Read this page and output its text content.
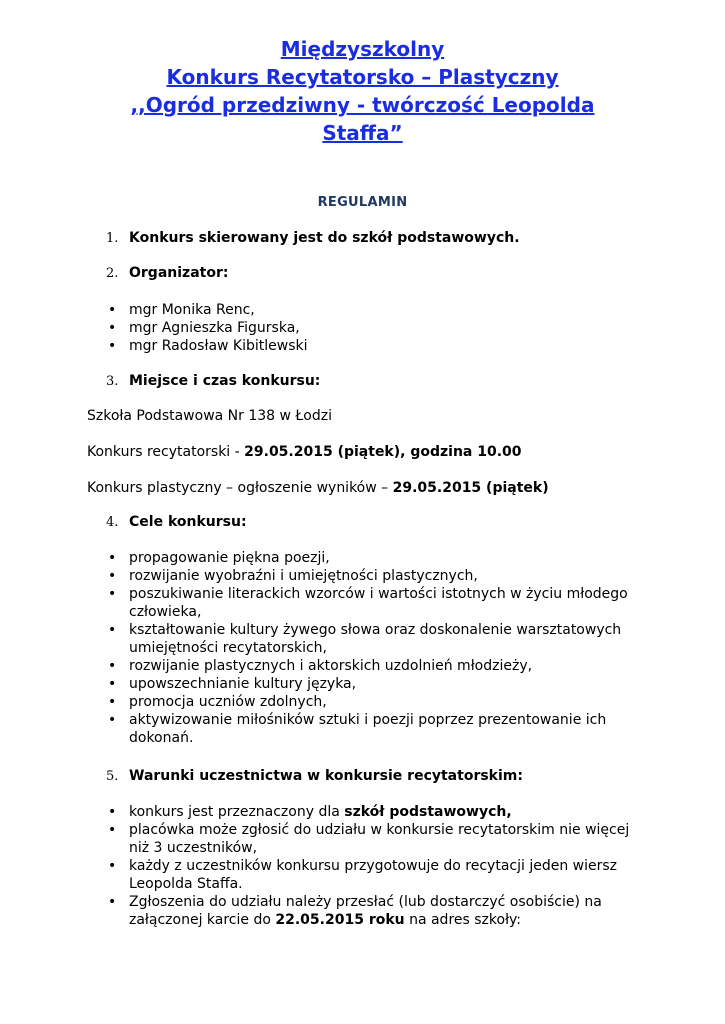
Międzyszkolny
Konkurs Recytatorsko – Plastyczny
,,Ogród przedziwny - twórczość Leopolda
Staffa”
REGULAMIN
1. Konkurs skierowany jest do szkół podstawowych.
2. Organizator:
• mgr Monika Renc,
• mgr Agnieszka Figurska,
• mgr Radosław Kibitlewski
3. Miejsce i czas konkursu:
Szkoła Podstawowa Nr 138 w Łodzi
Konkurs recytatorski - 29.05.2015 (piątek), godzina 10.00
Konkurs plastyczny – ogłoszenie wyników – 29.05.2015 (piątek)
4. Cele konkursu:
• propagowanie piękna poezji,
• rozwijanie wyobraźni i umiejętności plastycznych,
• poszukiwanie literackich wzorców i wartości istotnych w życiu młodego człowieka,
• kształtowanie kultury żywego słowa oraz doskonalenie warsztatowych umiejętności recytatorskich,
• rozwijanie plastycznych i aktorskich uzdolnień młodzieży,
• upowszechnianie kultury języka,
• promocja uczniów zdolnych,
• aktywizowanie miłośników sztuki i poezji poprzez prezentowanie ich dokonań.
5. Warunki uczestnictwa w konkursie recytatorskim:
• konkurs jest przeznaczony dla szkół podstawowych,
• placówka może zgłosić do udziału w konkursie recytatorskim nie więcej niż 3 uczestników,
• każdy z uczestników konkursu przygotowuje do recytacji jeden wiersz Leopolda Staffa.
• Zgłoszenia do udziału należy przesłać (lub dostarczyć osobiście) na załączonej karcie do 22.05.2015 roku na adres szkoły:
